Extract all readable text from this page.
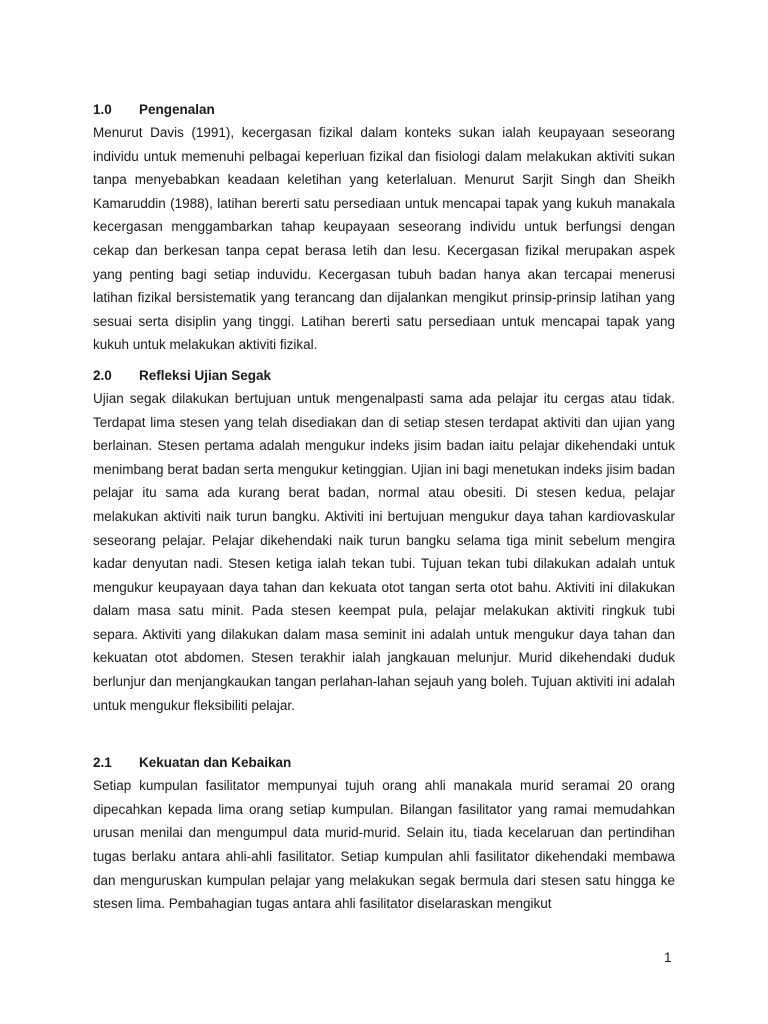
1.0	Pengenalan

Menurut Davis (1991), kecergasan fizikal dalam konteks sukan ialah keupayaan seseorang individu untuk memenuhi pelbagai keperluan fizikal dan fisiologi dalam melakukan aktiviti sukan tanpa menyebabkan keadaan keletihan yang keterlaluan. Menurut Sarjit Singh dan Sheikh Kamaruddin (1988), latihan bererti satu persediaan untuk mencapai tapak yang kukuh manakala kecergasan menggambarkan tahap keupayaan seseorang individu untuk berfungsi dengan cekap dan berkesan tanpa cepat berasa letih dan lesu. Kecergasan fizikal merupakan aspek yang penting bagi setiap induvidu. Kecergasan tubuh badan hanya akan tercapai menerusi latihan fizikal bersistematik yang terancang dan dijalankan mengikut prinsip-prinsip latihan yang sesuai serta disiplin yang tinggi. Latihan bererti satu persediaan untuk mencapai tapak yang kukuh untuk melakukan aktiviti fizikal.

2.0	Refleksi Ujian Segak

Ujian segak dilakukan bertujuan untuk mengenalpasti sama ada pelajar itu cergas atau tidak. Terdapat lima stesen yang telah disediakan dan di setiap stesen terdapat aktiviti dan ujian yang berlainan. Stesen pertama adalah mengukur indeks jisim badan iaitu pelajar dikehendaki untuk menimbang berat badan serta mengukur ketinggian. Ujian ini bagi menetukan indeks jisim badan pelajar itu sama ada kurang berat badan, normal atau obesiti. Di stesen kedua, pelajar melakukan aktiviti naik turun bangku. Aktiviti ini bertujuan mengukur daya tahan kardiovaskular seseorang pelajar. Pelajar dikehendaki naik turun bangku selama tiga minit sebelum mengira kadar denyutan nadi. Stesen ketiga ialah tekan tubi. Tujuan tekan tubi dilakukan adalah untuk mengukur keupayaan daya tahan dan kekuata otot tangan serta otot bahu. Aktiviti ini dilakukan dalam masa satu minit. Pada stesen keempat pula, pelajar melakukan aktiviti ringkuk tubi separa. Aktiviti yang dilakukan dalam masa seminit ini adalah untuk mengukur daya tahan dan kekuatan otot abdomen. Stesen terakhir ialah jangkauan melunjur. Murid dikehendaki duduk berlunjur dan menjangkaukan tangan perlahan-lahan sejauh yang boleh. Tujuan aktiviti ini adalah untuk mengukur fleksibiliti pelajar.

2.1	Kekuatan dan Kebaikan

Setiap kumpulan fasilitator mempunyai tujuh orang ahli manakala murid seramai 20 orang dipecahkan kepada lima orang setiap kumpulan. Bilangan fasilitator yang ramai memudahkan urusan menilai dan mengumpul data murid-murid. Selain itu, tiada kecelaruan dan pertindihan tugas berlaku antara ahli-ahli fasilitator. Setiap kumpulan ahli fasilitator dikehendaki membawa dan menguruskan kumpulan pelajar yang melakukan segak bermula dari stesen satu hingga ke stesen lima. Pembahagian tugas antara ahli fasilitator diselaraskan mengikut

1
